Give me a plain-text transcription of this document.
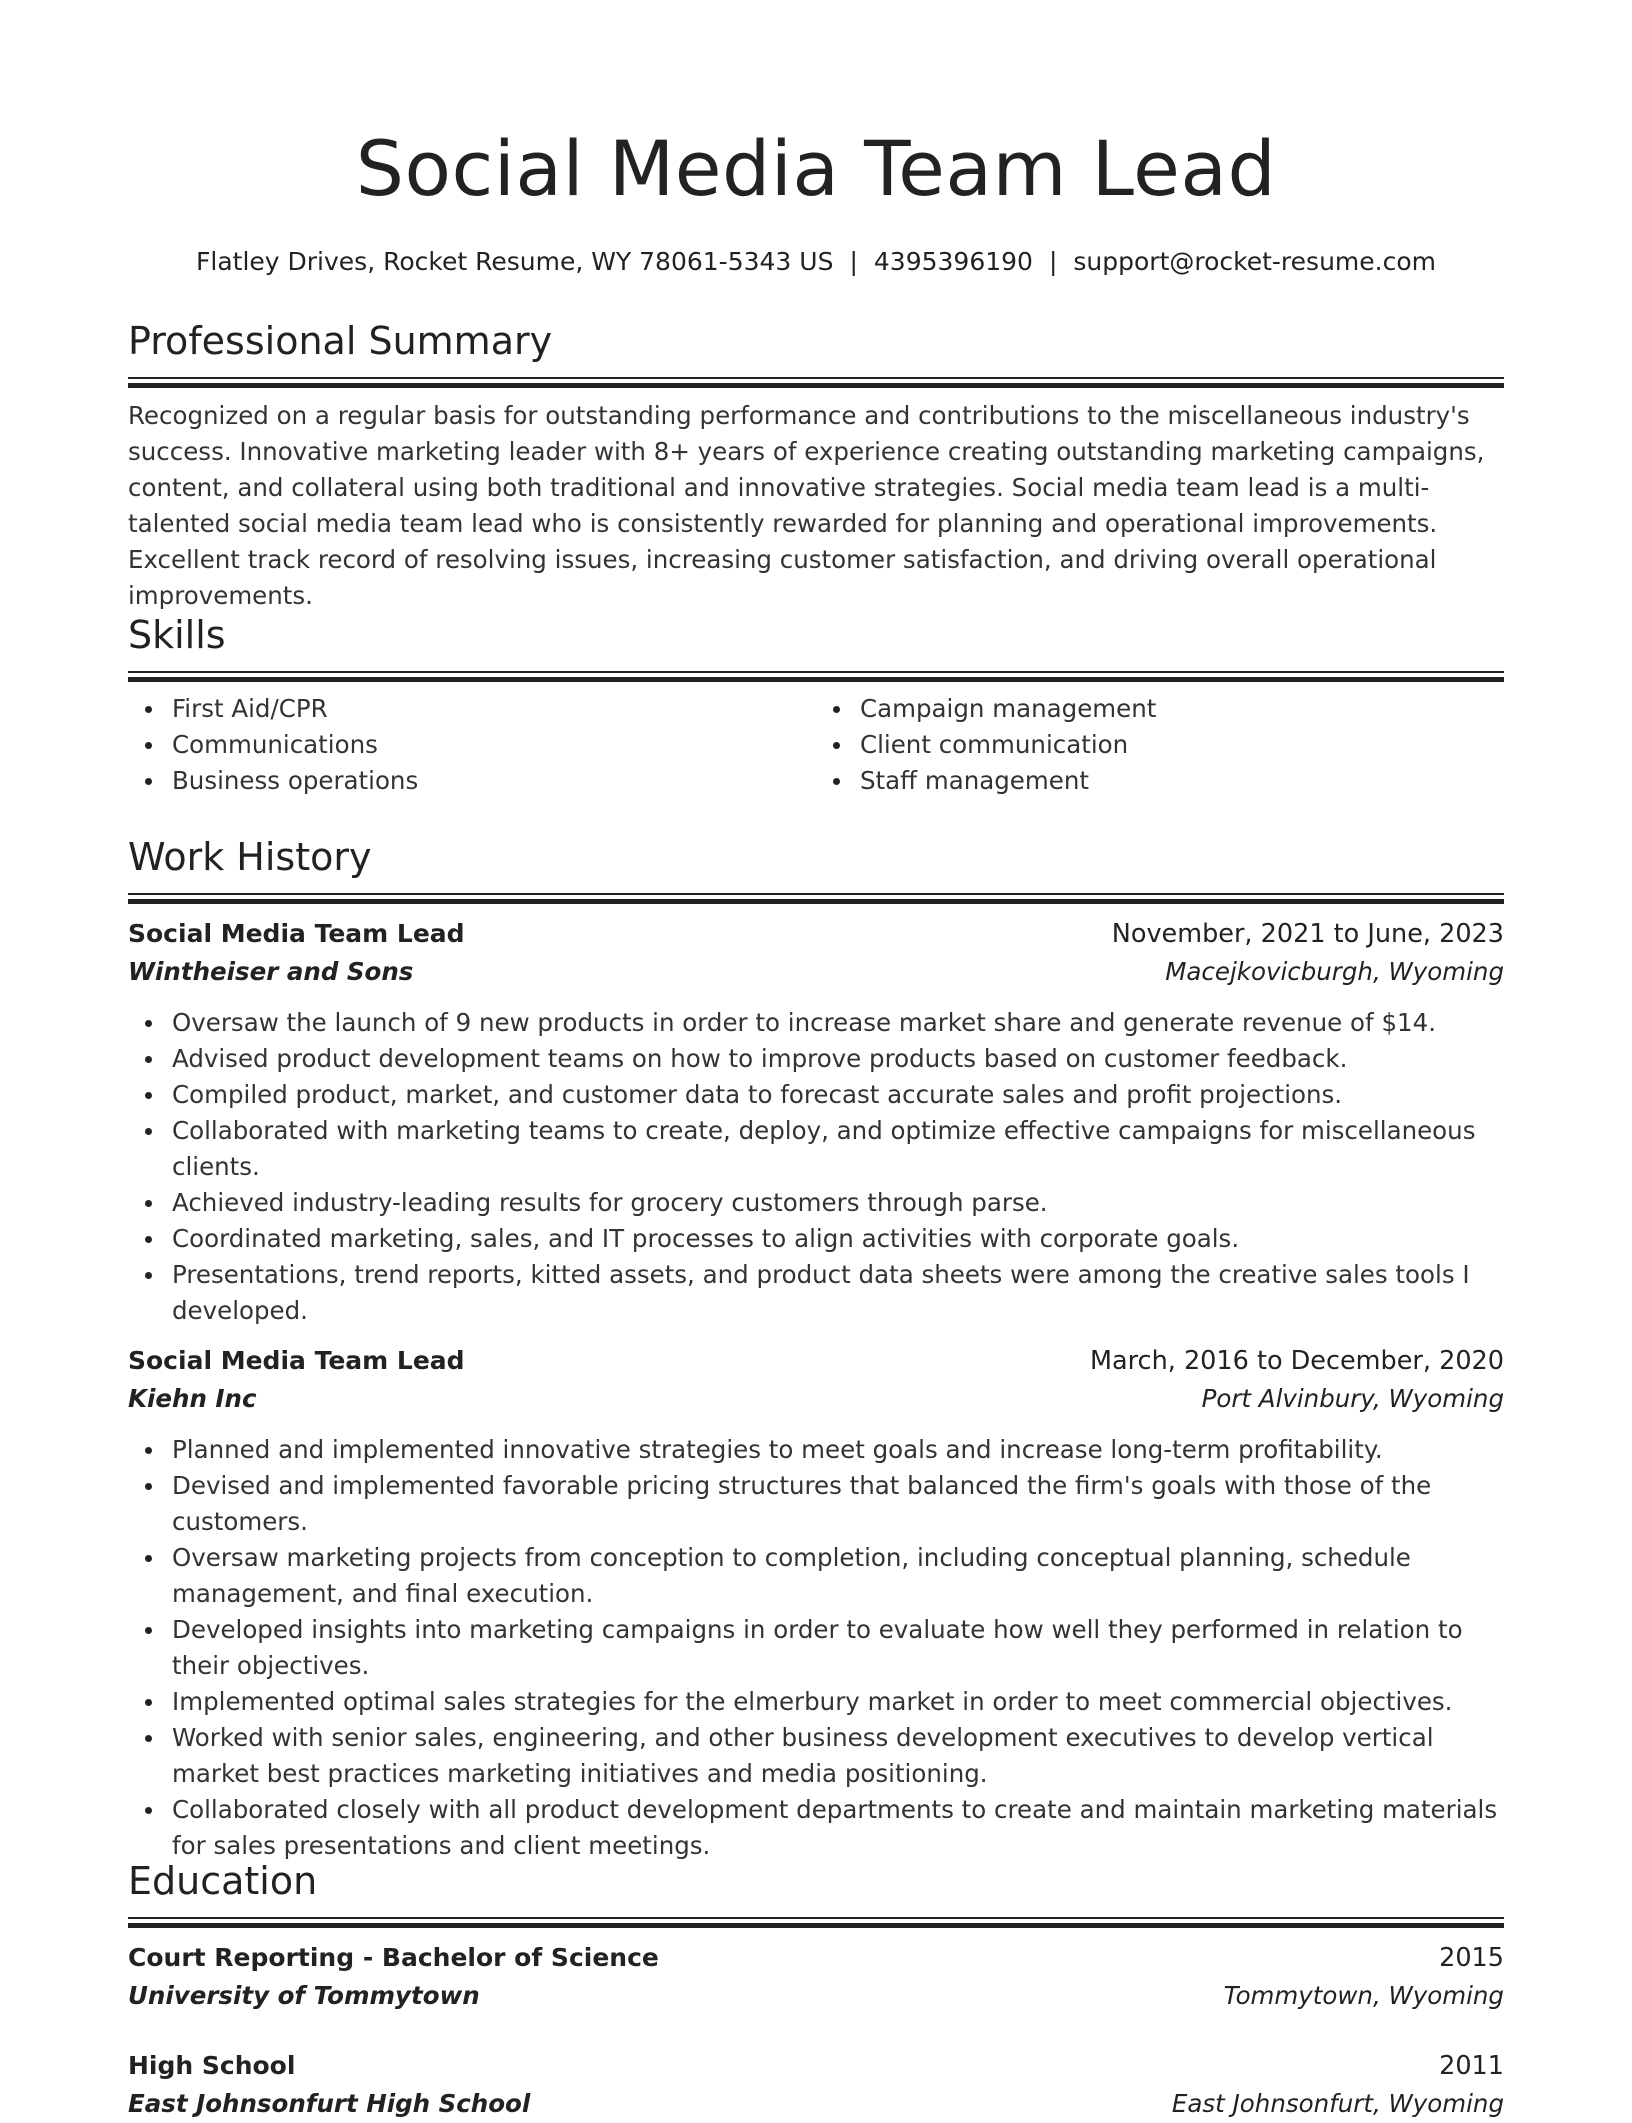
Social Media Team Lead
Flatley Drives, Rocket Resume, WY 78061-5343 US | 4395396190 | support@rocket-resume.com
Professional Summary

Recognized on a regular basis for outstanding performance and contributions to the miscellaneous industry's success. Innovative marketing leader with 8+ years of experience creating outstanding marketing campaigns, content, and collateral using both traditional and innovative strategies. Social media team lead is a multi-talented social media team lead who is consistently rewarded for planning and operational improvements. Excellent track record of resolving issues, increasing customer satisfaction, and driving overall operational improvements.

Skills
First Aid/CPR
Communications
Business operations
Campaign management
Client communication
Staff management
Work History
Social Media Team Lead	November, 2021 to June, 2023
Wintheiser and Sons	Macejkovicburgh, Wyoming
Oversaw the launch of 9 new products in order to increase market share and generate revenue of $14.
Advised product development teams on how to improve products based on customer feedback.
Compiled product, market, and customer data to forecast accurate sales and profit projections.
Collaborated with marketing teams to create, deploy, and optimize effective campaigns for miscellaneous clients.
Achieved industry-leading results for grocery customers through parse.
Coordinated marketing, sales, and IT processes to align activities with corporate goals.
Presentations, trend reports, kitted assets, and product data sheets were among the creative sales tools I developed.
Social Media Team Lead	March, 2016 to December, 2020
Kiehn Inc	Port Alvinbury, Wyoming
Planned and implemented innovative strategies to meet goals and increase long-term profitability.
Devised and implemented favorable pricing structures that balanced the firm's goals with those of the customers.
Oversaw marketing projects from conception to completion, including conceptual planning, schedule management, and final execution.
Developed insights into marketing campaigns in order to evaluate how well they performed in relation to their objectives.
Implemented optimal sales strategies for the elmerbury market in order to meet commercial objectives.
Worked with senior sales, engineering, and other business development executives to develop vertical market best practices marketing initiatives and media positioning.
Collaborated closely with all product development departments to create and maintain marketing materials for sales presentations and client meetings.
Education
Court Reporting - Bachelor of Science	2015
University of Tommytown	Tommytown, Wyoming
High School	2011
East Johnsonfurt High School	East Johnsonfurt, Wyoming
